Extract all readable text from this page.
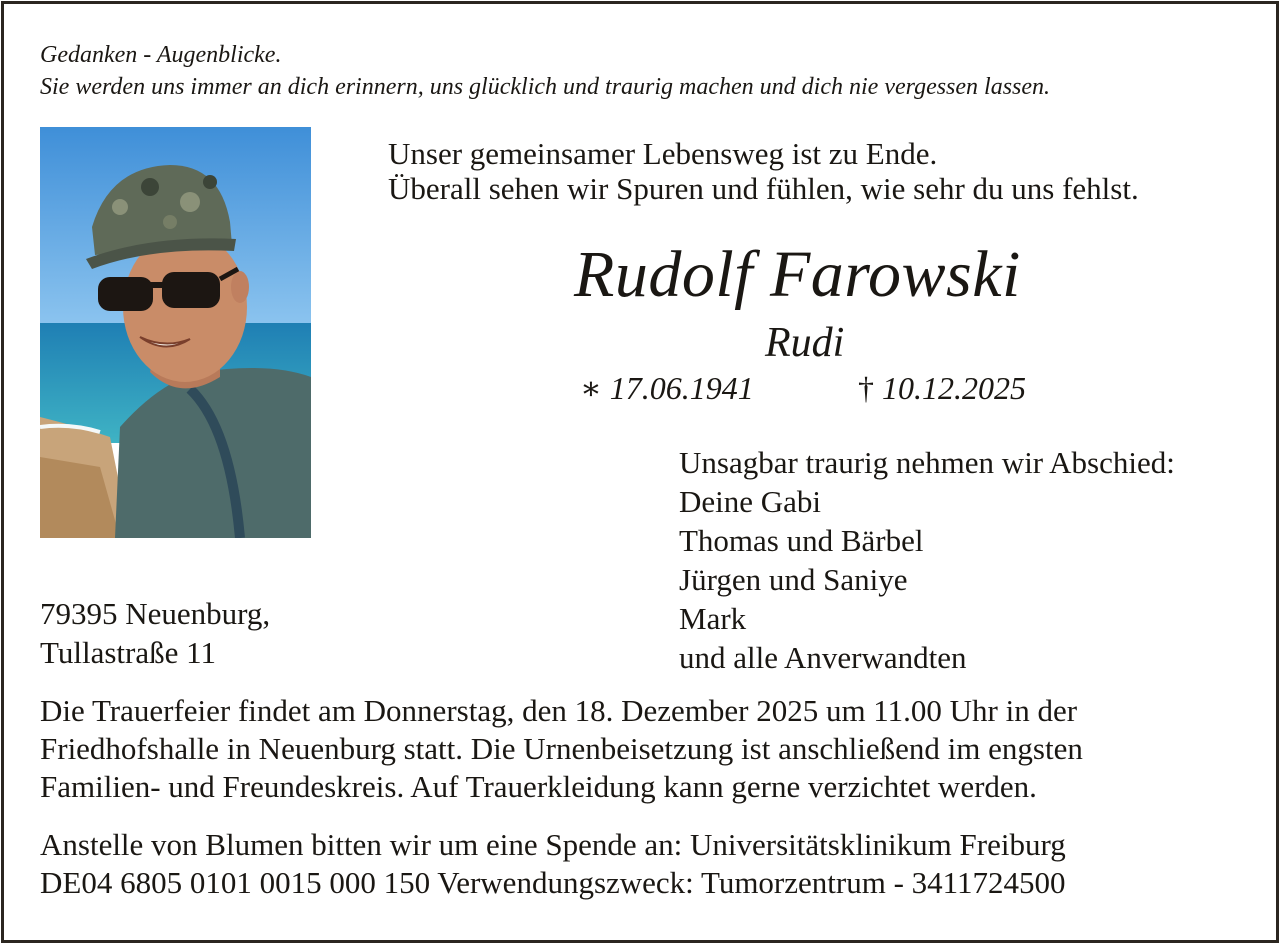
Gedanken - Augenblicke.
Sie werden uns immer an dich erinnern, uns glücklich und traurig machen und dich nie vergessen lassen.
Unser gemeinsamer Lebensweg ist zu Ende.
Überall sehen wir Spuren und fühlen, wie sehr du uns fehlst.
Rudolf Farowski
Rudi
∗ 17.06.1941	† 10.12.2025
Unsagbar traurig nehmen wir Abschied:
Deine Gabi
Thomas und Bärbel
Jürgen und Saniye
Mark
und alle Anverwandten
79395 Neuenburg,
Tullastraße 11
Die Trauerfeier findet am Donnerstag, den 18. Dezember 2025 um 11.00 Uhr in der
Friedhofshalle in Neuenburg statt. Die Urnenbeisetzung ist anschließend im engsten
Familien- und Freundeskreis. Auf Trauerkleidung kann gerne verzichtet werden.
Anstelle von Blumen bitten wir um eine Spende an: Universitätsklinikum Freiburg
DE04 6805 0101 0015 000 150 Verwendungszweck: Tumorzentrum - 3411724500
